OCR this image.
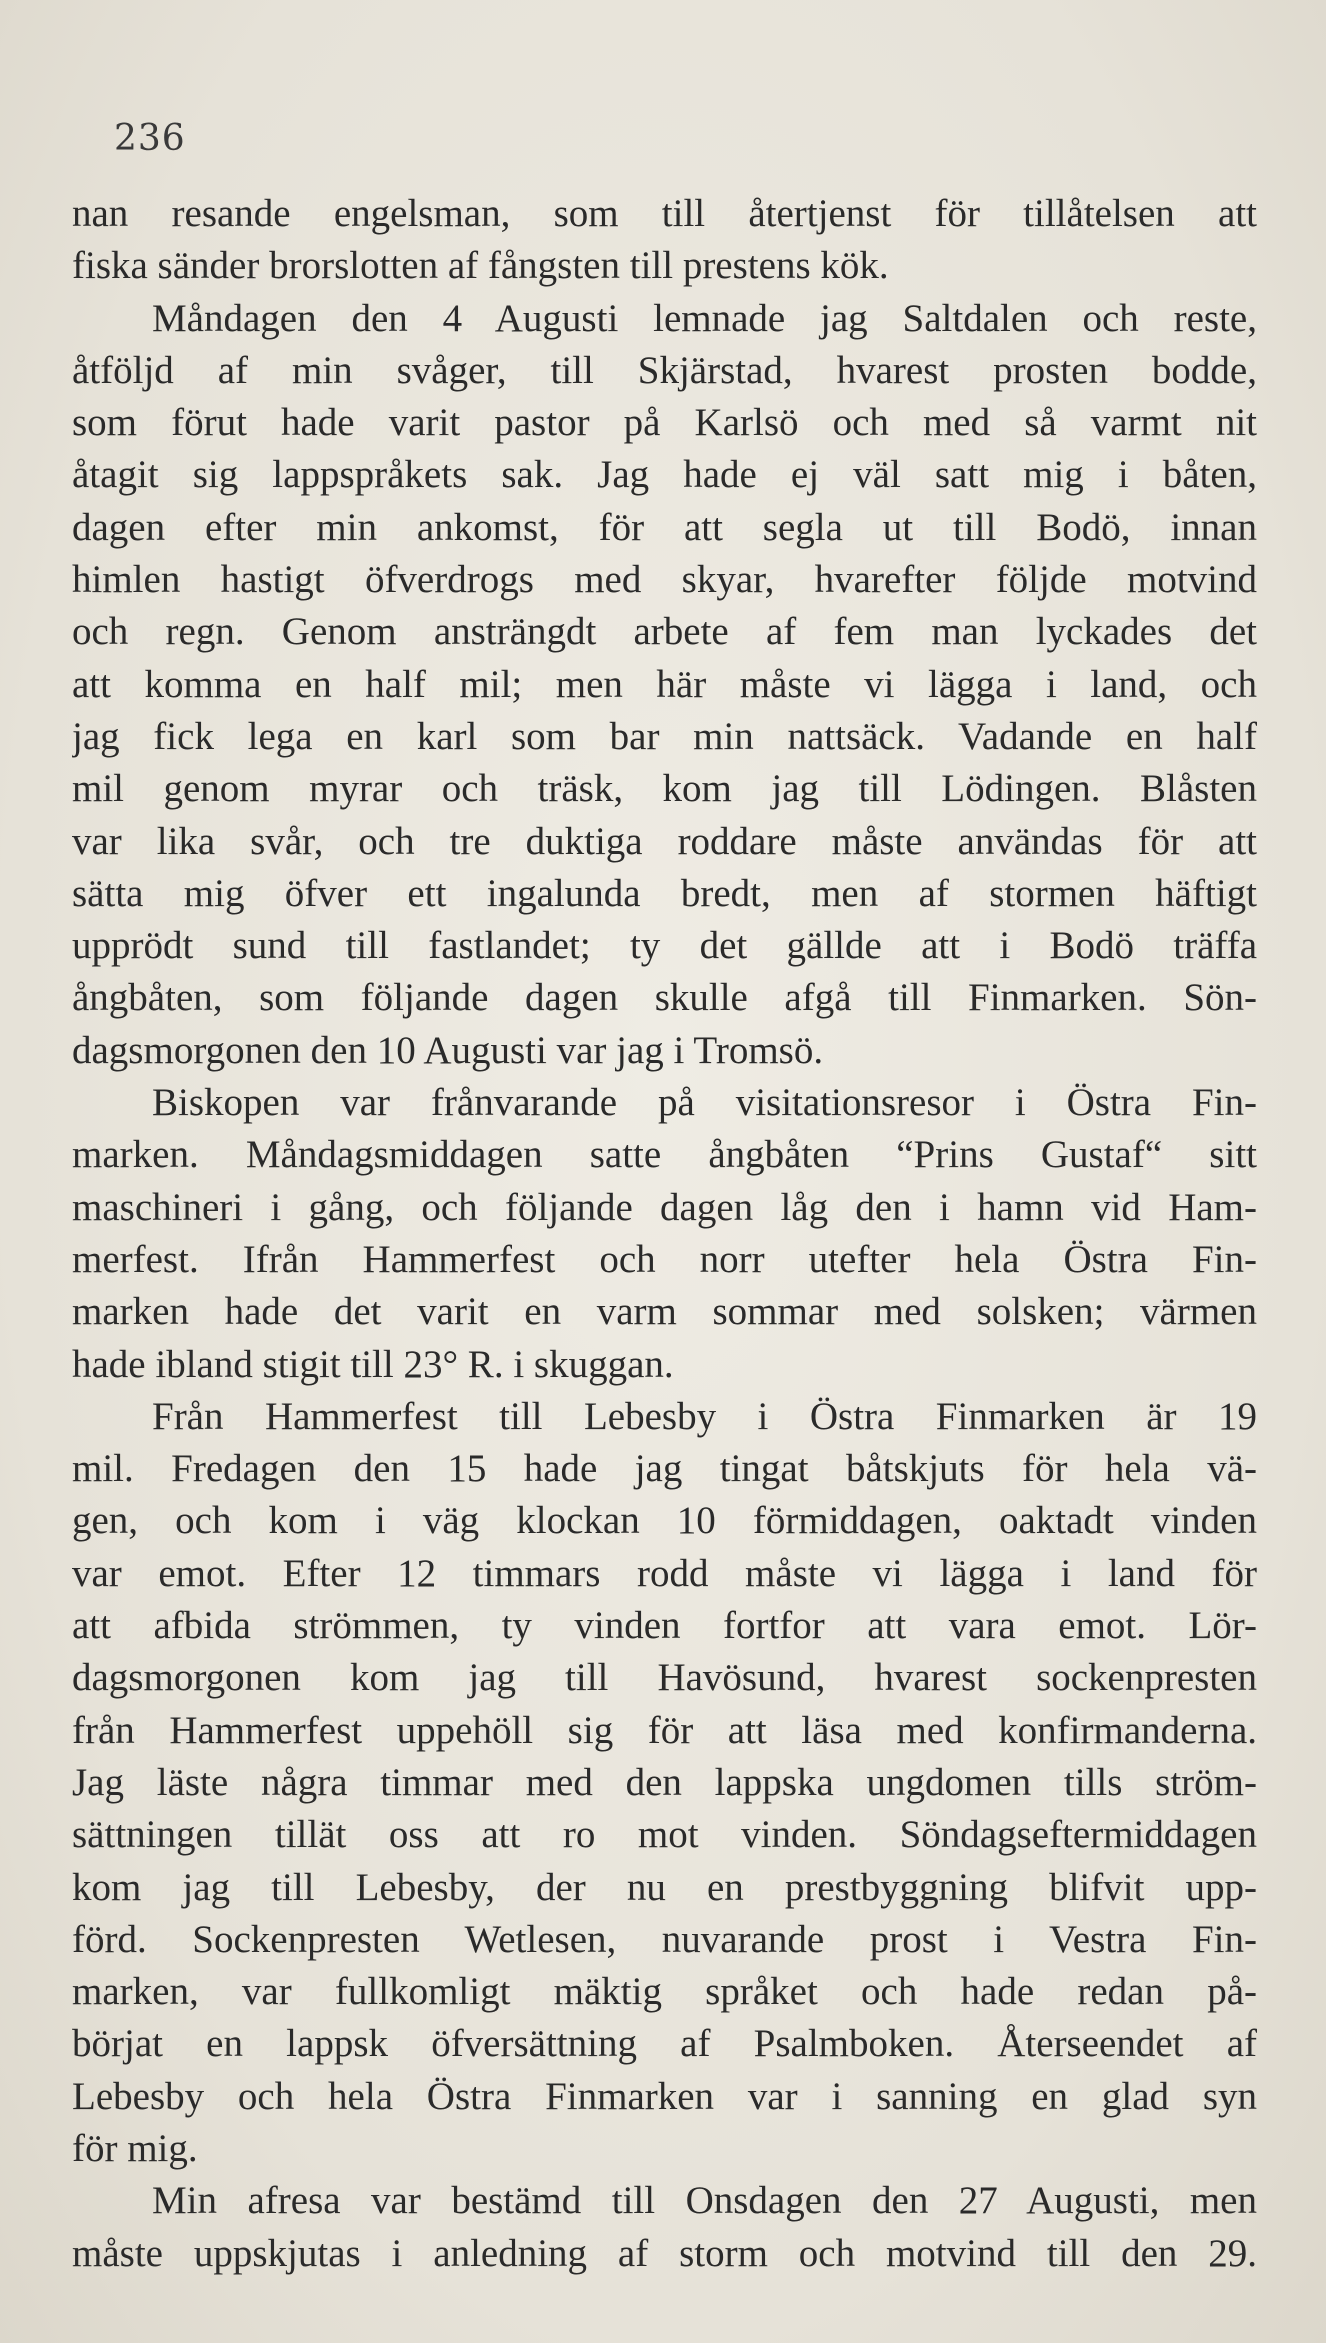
236
nan resande engelsman, som till återtjenst för tillåtelsen att
fiska sänder brorslotten af fångsten till prestens kök.
Måndagen den 4 Augusti lemnade jag Saltdalen och reste,
åtföljd af min svåger, till Skjärstad, hvarest prosten bodde,
som förut hade varit pastor på Karlsö och med så varmt nit
åtagit sig lappspråkets sak. Jag hade ej väl satt mig i båten,
dagen efter min ankomst, för att segla ut till Bodö, innan
himlen hastigt öfverdrogs med skyar, hvarefter följde motvind
och regn. Genom ansträngdt arbete af fem man lyckades det
att komma en half mil; men här måste vi lägga i land, och
jag fick lega en karl som bar min nattsäck. Vadande en half
mil genom myrar och träsk, kom jag till Lödingen. Blåsten
var lika svår, och tre duktiga roddare måste användas för att
sätta mig öfver ett ingalunda bredt, men af stormen häftigt
upprödt sund till fastlandet; ty det gällde att i Bodö träffa
ångbåten, som följande dagen skulle afgå till Finmarken. Sön-
dagsmorgonen den 10 Augusti var jag i Tromsö.
Biskopen var frånvarande på visitationsresor i Östra Fin-
marken. Måndagsmiddagen satte ångbåten “Prins Gustaf“ sitt
maschineri i gång, och följande dagen låg den i hamn vid Ham-
merfest. Ifrån Hammerfest och norr utefter hela Östra Fin-
marken hade det varit en varm sommar med solsken; värmen
hade ibland stigit till 23° R. i skuggan.
Från Hammerfest till Lebesby i Östra Finmarken är 19
mil. Fredagen den 15 hade jag tingat båtskjuts för hela vä-
gen, och kom i väg klockan 10 förmiddagen, oaktadt vinden
var emot. Efter 12 timmars rodd måste vi lägga i land för
att afbida strömmen, ty vinden fortfor att vara emot. Lör-
dagsmorgonen kom jag till Havösund, hvarest sockenpresten
från Hammerfest uppehöll sig för att läsa med konfirmanderna.
Jag läste några timmar med den lappska ungdomen tills ström-
sättningen tillät oss att ro mot vinden. Söndagseftermiddagen
kom jag till Lebesby, der nu en prestbyggning blifvit upp-
förd. Sockenpresten Wetlesen, nuvarande prost i Vestra Fin-
marken, var fullkomligt mäktig språket och hade redan på-
börjat en lappsk öfversättning af Psalmboken. Återseendet af
Lebesby och hela Östra Finmarken var i sanning en glad syn
för mig.
Min afresa var bestämd till Onsdagen den 27 Augusti, men
måste uppskjutas i anledning af storm och motvind till den 29.
